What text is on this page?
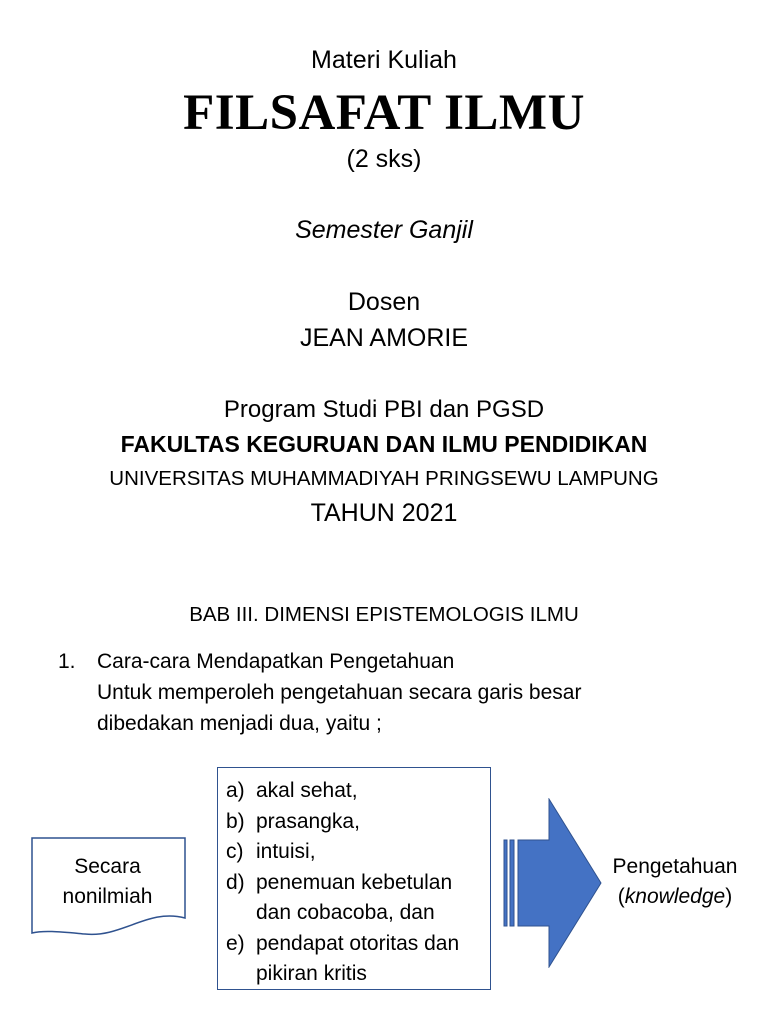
Materi Kuliah
FILSAFAT ILMU
(2 sks)
Semester Ganjil
Dosen
JEAN AMORIE
Program Studi PBI dan PGSD
FAKULTAS KEGURUAN DAN ILMU PENDIDIKAN
UNIVERSITAS MUHAMMADIYAH PRINGSEWU LAMPUNG
TAHUN 2021
BAB III. DIMENSI EPISTEMOLOGIS ILMU
1. Cara-cara Mendapatkan Pengetahuan
Untuk memperoleh pengetahuan secara garis besar
dibedakan menjadi dua, yaitu ;
Secara
nonilmiah
a) akal sehat,
b) prasangka,
c) intuisi,
d) penemuan kebetulan
dan cobacoba, dan
e) pendapat otoritas dan
pikiran kritis
Pengetahuan
(knowledge)
